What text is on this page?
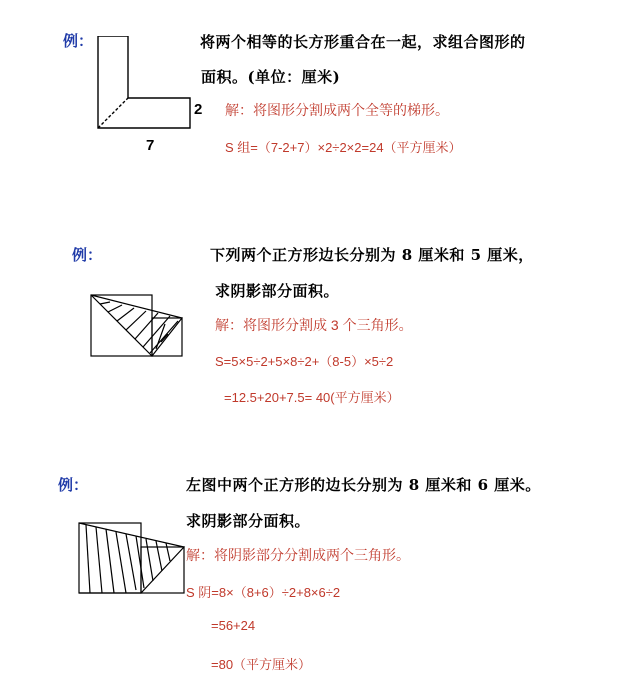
例：
2
7
将两个相等的长方形重合在一起，求组合图形的
面积。(单位：厘米)
解：将图形分割成两个全等的梯形。
S 组=（7-2+7）×2÷2×2=24（平方厘米）
例：	下列两个正方形边长分别为 8 厘米和 5 厘米，
求阴影部分面积。
解：将图形分割成 3 个三角形。
S=5×5÷2+5×8÷2+（8-5）×5÷2
=12.5+20+7.5= 40(平方厘米）
例：	左图中两个正方形的边长分别为 8 厘米和 6 厘米。
求阴影部分面积。
解：将阴影部分分割成两个三角形。
S 阴=8×（8+6）÷2+8×6÷2
=56+24
=80（平方厘米）
